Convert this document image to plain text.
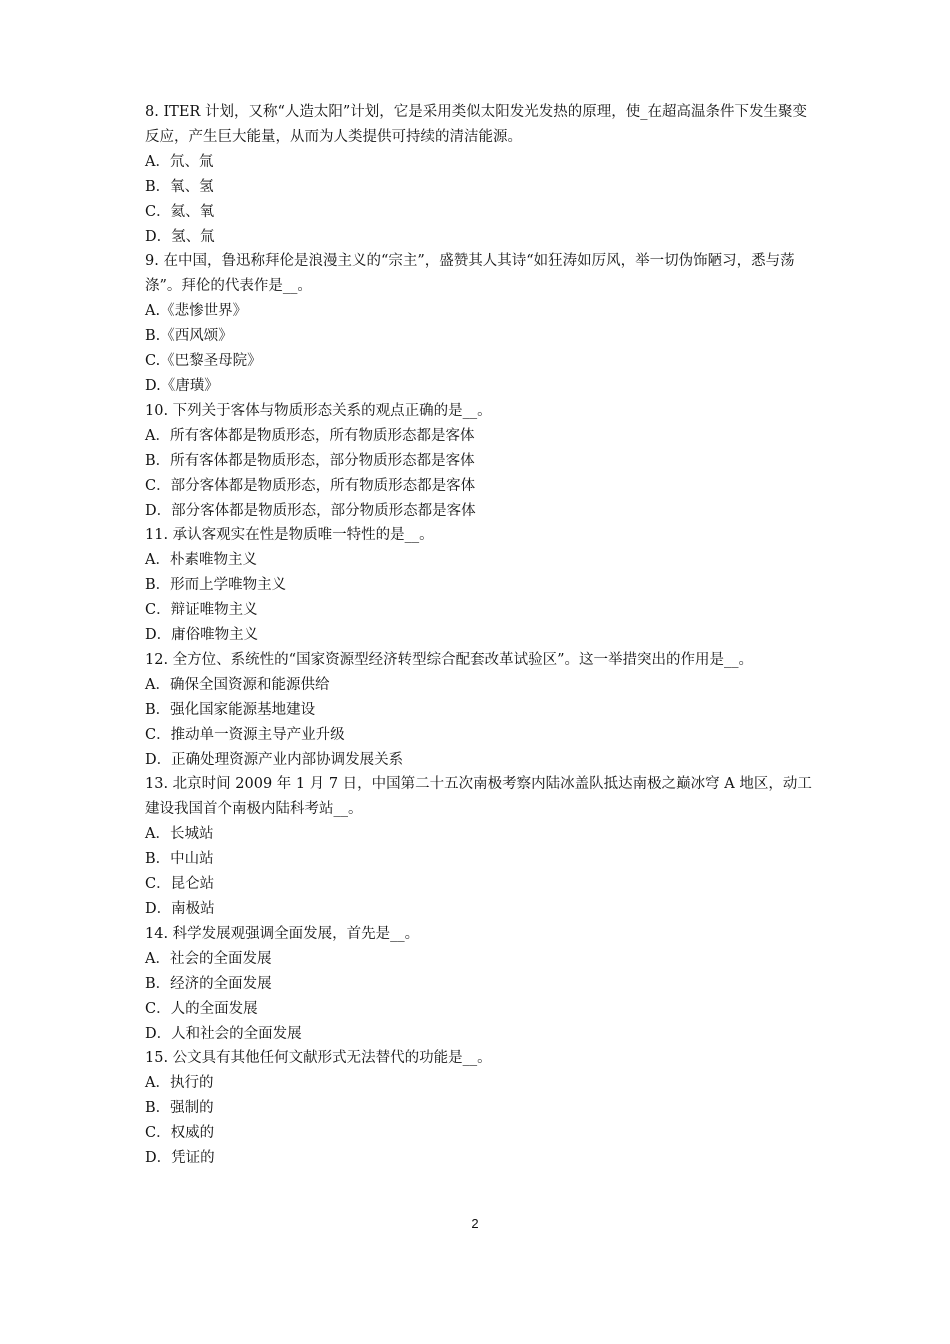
8. ITER 计划，又称“人造太阳”计划，它是采用类似太阳发光发热的原理，使_在超高温条件下发生聚变反应，产生巨大能量，从而为人类提供可持续的清洁能源。
A．氘、氚
B．氧、氢
C．氦、氧
D．氢、氚
9. 在中国，鲁迅称拜伦是浪漫主义的“宗主”，盛赞其人其诗“如狂涛如厉风，举一切伪饰陋习，悉与荡涤”。拜伦的代表作是__。
A.《悲惨世界》
B.《西风颂》
C.《巴黎圣母院》
D.《唐璜》
10. 下列关于客体与物质形态关系的观点正确的是__。
A．所有客体都是物质形态，所有物质形态都是客体
B．所有客体都是物质形态，部分物质形态都是客体
C．部分客体都是物质形态，所有物质形态都是客体
D．部分客体都是物质形态，部分物质形态都是客体
11. 承认客观实在性是物质唯一特性的是__。
A．朴素唯物主义
B．形而上学唯物主义
C．辩证唯物主义
D．庸俗唯物主义
12. 全方位、系统性的“国家资源型经济转型综合配套改革试验区”。这一举措突出的作用是__。
A．确保全国资源和能源供给
B．强化国家能源基地建设
C．推动单一资源主导产业升级
D．正确处理资源产业内部协调发展关系
13. 北京时间 2009 年 1 月 7 日，中国第二十五次南极考察内陆冰盖队抵达南极之巅冰穹 A 地区，动工建设我国首个南极内陆科考站__。
A．长城站
B．中山站
C．昆仑站
D．南极站
14. 科学发展观强调全面发展，首先是__。
A．社会的全面发展
B．经济的全面发展
C．人的全面发展
D．人和社会的全面发展
15. 公文具有其他任何文献形式无法替代的功能是__。
A．执行的
B．强制的
C．权威的
D．凭证的
2
